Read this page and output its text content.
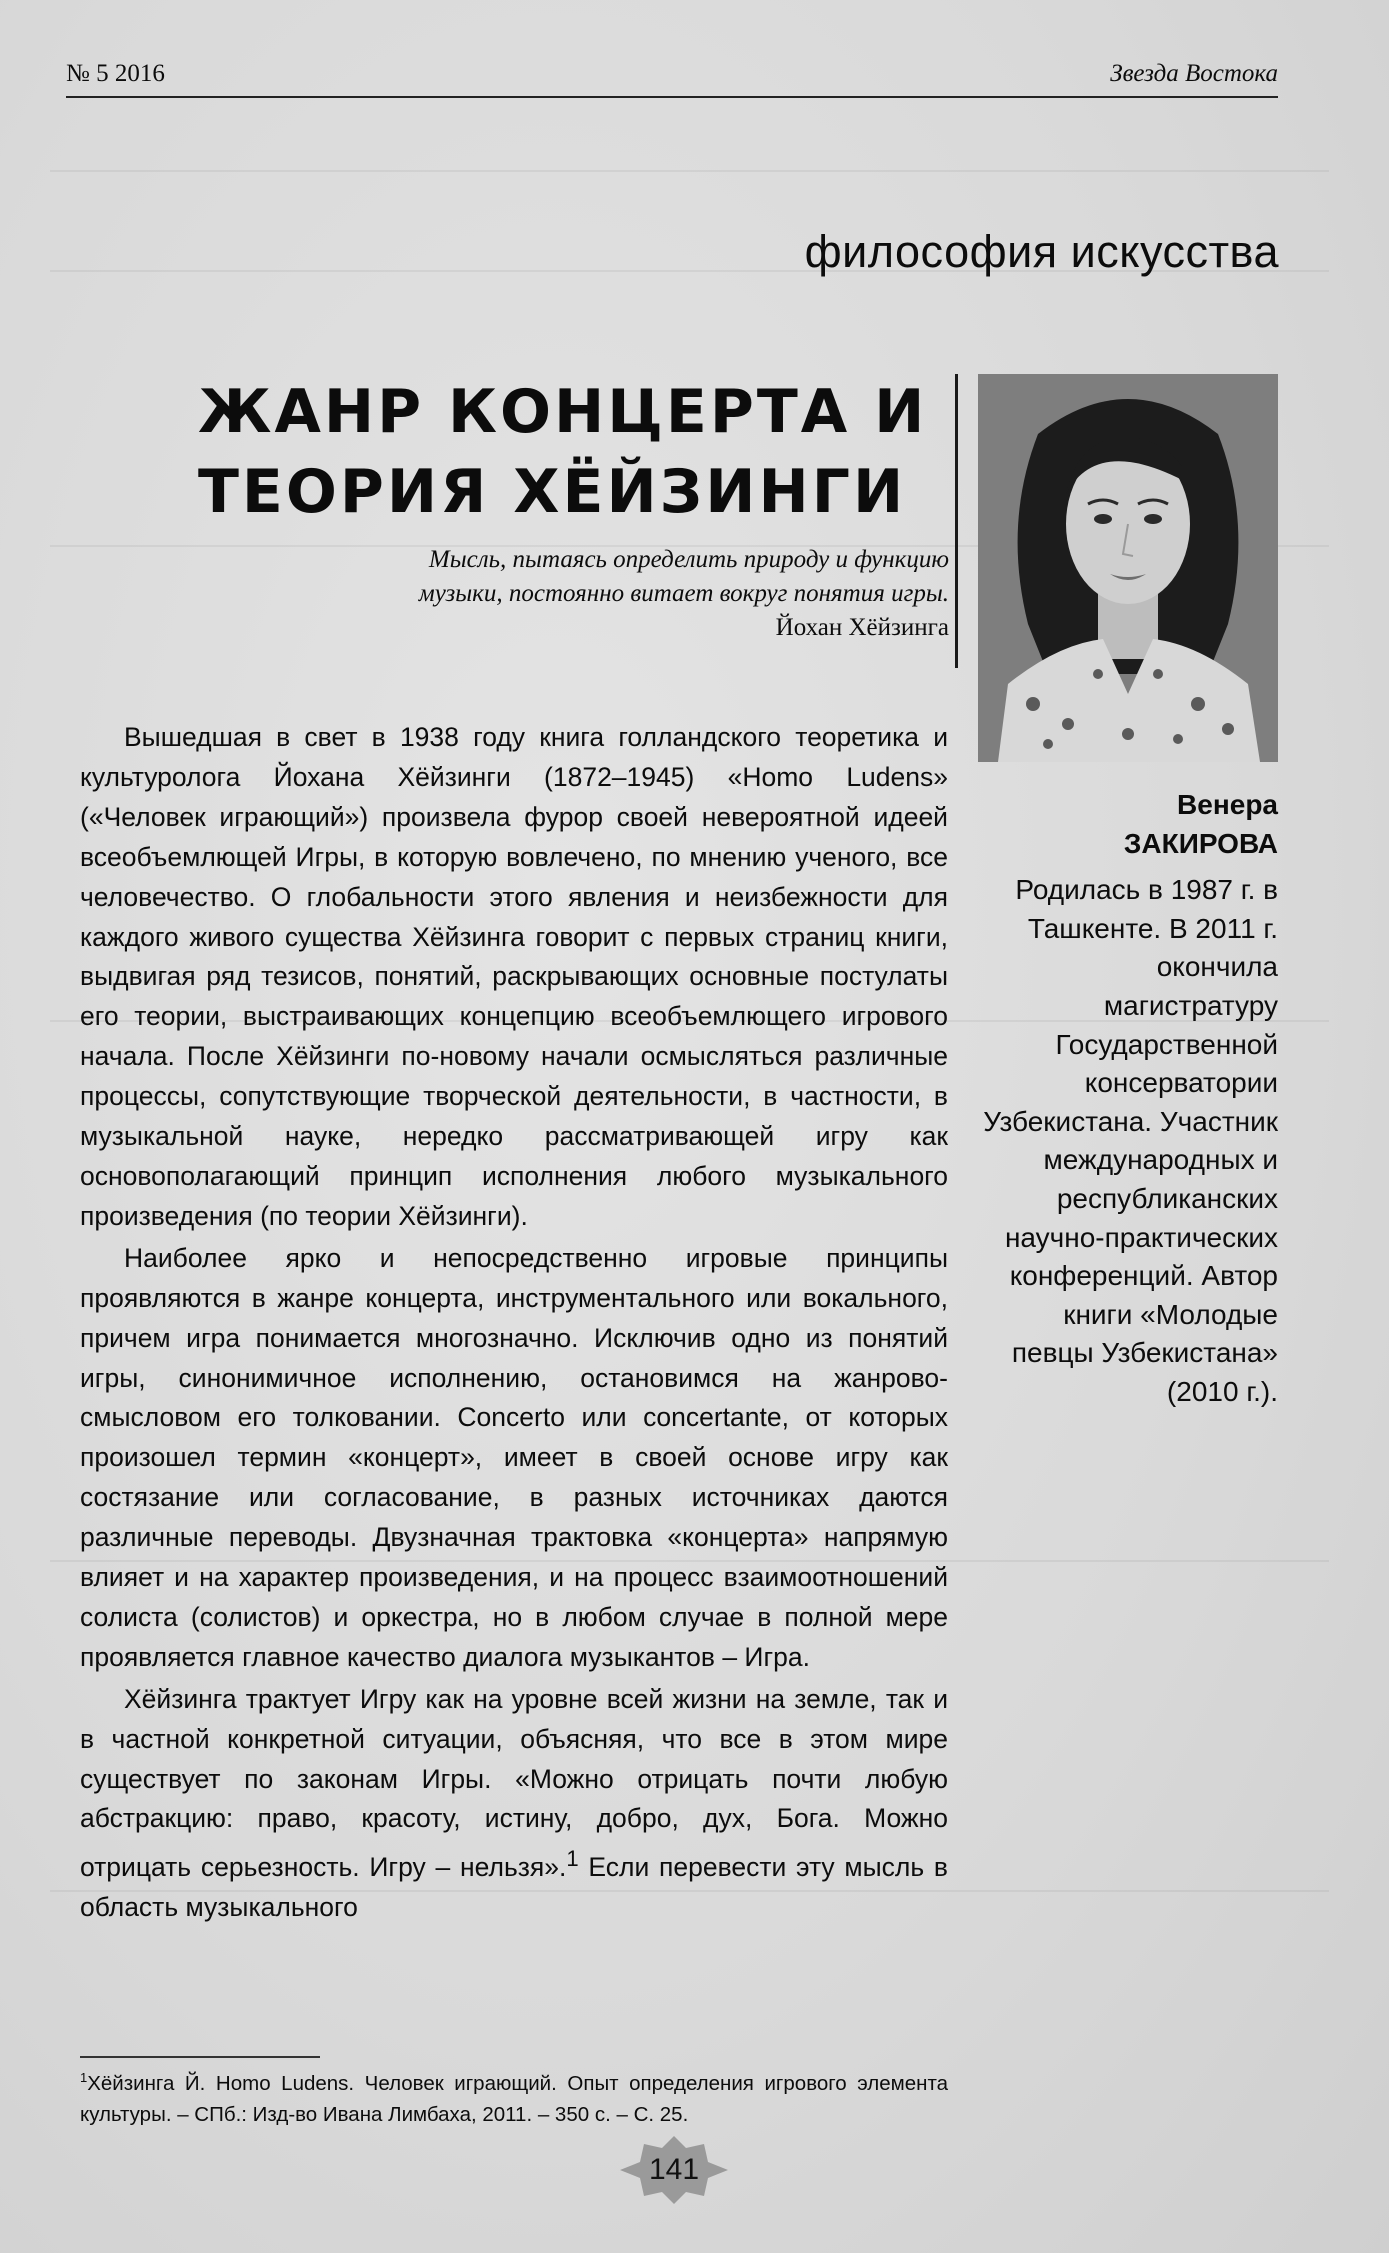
№ 5 2016	Звезда Востока
философия искусства
ЖАНР КОНЦЕРТА И
ТЕОРИЯ ХЁЙЗИНГИ
Мысль, пытаясь определить природу и функцию музыки, постоянно витает вокруг понятия игры.
Йохан Хёйзинга
Венера
ЗАКИРОВА
Родилась в 1987 г. в Ташкенте. В 2011 г. окончила магистратуру Государственной консерватории Узбекистана. Участник международных и республиканских научно-практических конференций. Автор книги «Молодые певцы Узбекистана» (2010 г.).

Вышедшая в свет в 1938 году книга голландского теоретика и культуролога Йохана Хёйзинги (1872–1945) «Homo Ludens» («Человек играющий») произвела фурор своей невероятной идеей всеобъемлющей Игры, в которую вовлечено, по мнению ученого, все человечество. О глобальности этого явления и неизбежности для каждого живого существа Хёйзинга говорит с первых страниц книги, выдвигая ряд тезисов, понятий, раскрывающих основные постулаты его теории, выстраивающих концепцию всеобъемлющего игрового начала. После Хёйзинги по-новому начали осмысляться различные процессы, сопутствующие творческой деятельности, в частности, в музыкальной науке, нередко рассматривающей игру как основополагающий принцип исполнения любого музыкального произведения (по теории Хёйзинги).

Наиболее ярко и непосредственно игровые принципы проявляются в жанре концерта, инструментального или вокального, причем игра понимается многозначно. Исключив одно из понятий игры, синонимичное исполнению, остановимся на жанрово-смысловом его толковании. Concerto или concertante, от которых произошел термин «концерт», имеет в своей основе игру как состязание или согласование, в разных источниках даются различные переводы. Двузначная трактовка «концерта» напрямую влияет и на характер произведения, и на процесс взаимоотношений солиста (солистов) и оркестра, но в любом случае в полной мере проявляется главное качество диалога музыкантов – Игра.

Хёйзинга трактует Игру как на уровне всей жизни на земле, так и в частной конкретной ситуации, объясняя, что все в этом мире существует по законам Игры. «Можно отрицать почти любую абстракцию: право, красоту, истину, добро, дух, Бога. Можно отрицать серьезность. Игру – нельзя».$^1$ Если перевести эту мысль в область музыкального

$^1$Хёйзинга Й. Homo Ludens. Человек играющий. Опыт определения игрового элемента культуры. – СПб.: Изд-во Ивана Лимбаха, 2011. – 350 с. – С. 25.
141
